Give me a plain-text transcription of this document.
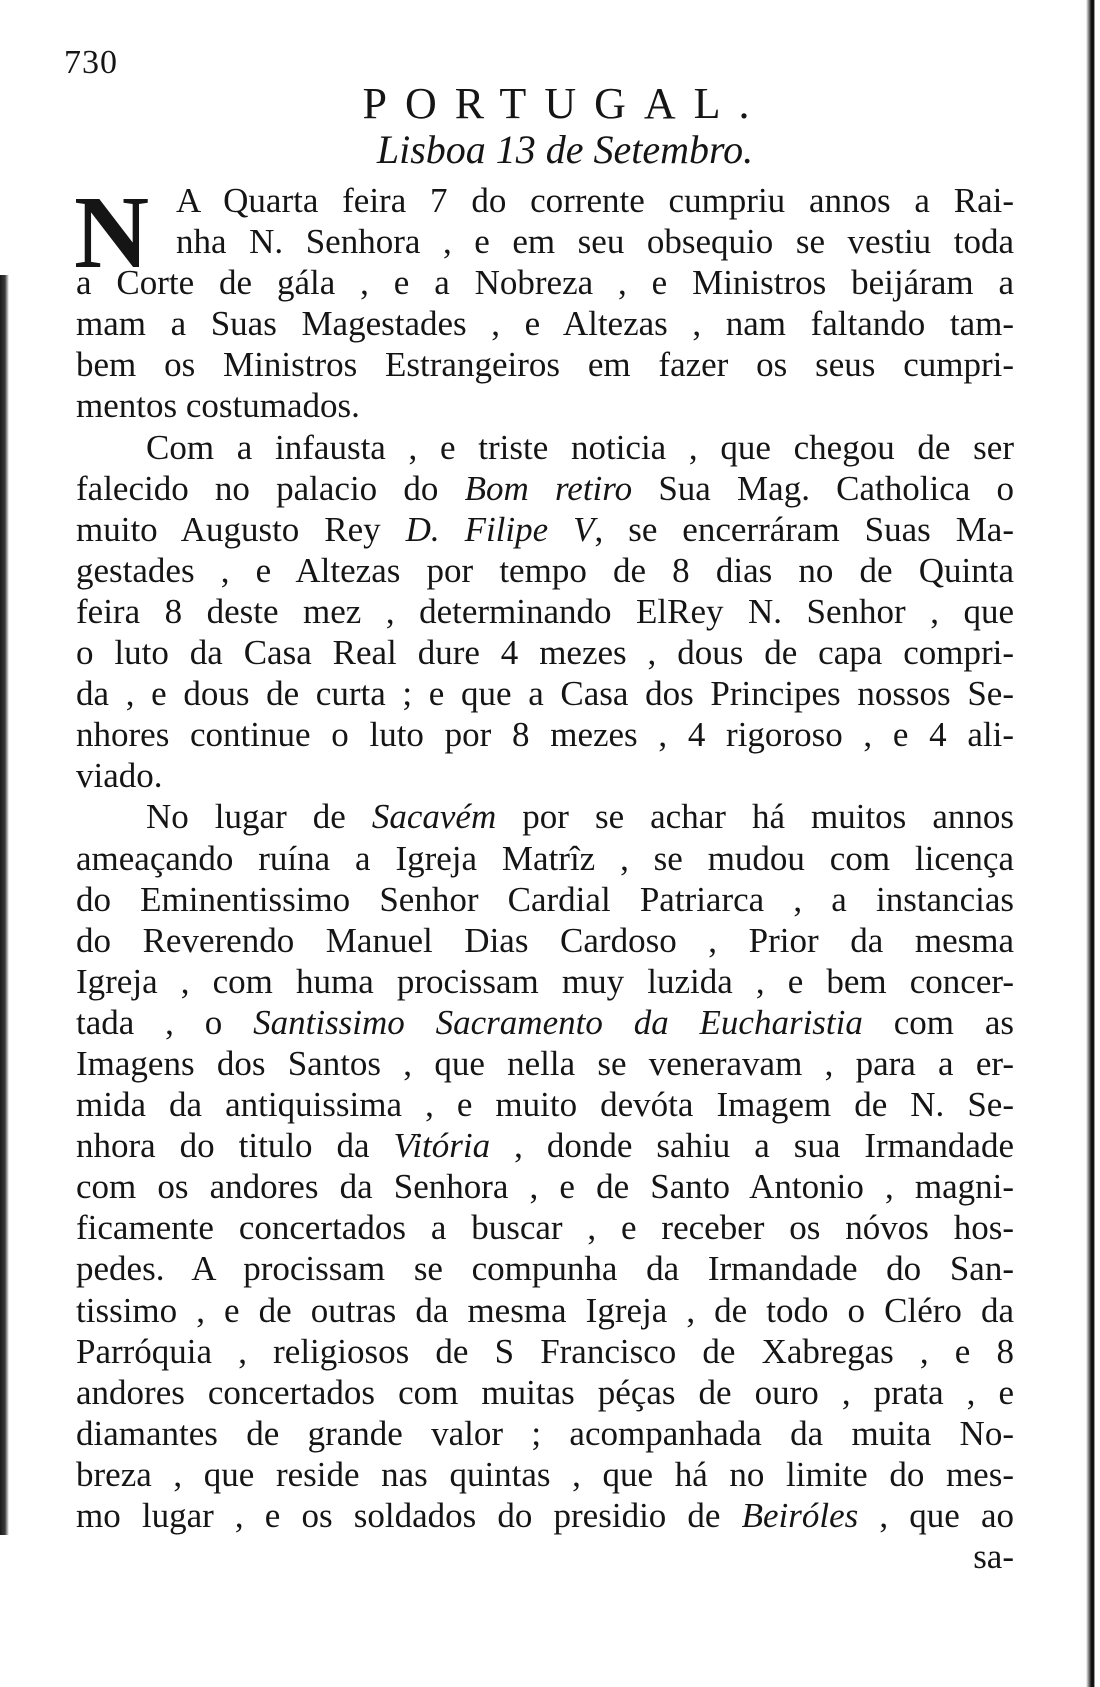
730
PORTUGAL.
Lisboa 13 de Setembro.
N A Quarta feira 7 do corrente cumpriu annos a Rai-
nha N. Senhora , e em seu obsequio se vestiu toda
a Corte de gála , e a Nobreza , e Ministros beijáram a
mam a Suas Magestades , e Altezas , nam faltando tam-
bem os Ministros Estrangeiros em fazer os seus cumpri-
mentos costumados.
Com a infausta , e triste noticia , que chegou de ser
falecido no palacio do Bom retiro Sua Mag. Catholica o
muito Augusto Rey D. Filipe V, se encerráram Suas Ma-
gestades , e Altezas por tempo de 8 dias no de Quinta
feira 8 deste mez , determinando ElRey N. Senhor , que
o luto da Casa Real dure 4 mezes , dous de capa compri-
da , e dous de curta ; e que a Casa dos Principes nossos Se-
nhores continue o luto por 8 mezes , 4 rigoroso , e 4 ali-
viado.
No lugar de Sacavém por se achar há muitos annos
ameaçando ruína a Igreja Matrîz , se mudou com licença
do Eminentissimo Senhor Cardial Patriarca , a instancias
do Reverendo Manuel Dias Cardoso , Prior da mesma
Igreja , com huma procissam muy luzida , e bem concer-
tada , o Santissimo Sacramento da Eucharistia com as
Imagens dos Santos , que nella se veneravam , para a er-
mida da antiquissima , e muito devóta Imagem de N. Se-
nhora do titulo da Vitória , donde sahiu a sua Irmandade
com os andores da Senhora , e de Santo Antonio , magni-
ficamente concertados a buscar , e receber os nóvos hos-
pedes. A procissam se compunha da Irmandade do San-
tissimo , e de outras da mesma Igreja , de todo o Cléro da
Parróquia , religiosos de S Francisco de Xabregas , e 8
andores concertados com muitas péças de ouro , prata , e
diamantes de grande valor ; acompanhada da muita No-
breza , que reside nas quintas , que há no limite do mes-
mo lugar , e os soldados do presidio de Beiróles , que ao
sa-
